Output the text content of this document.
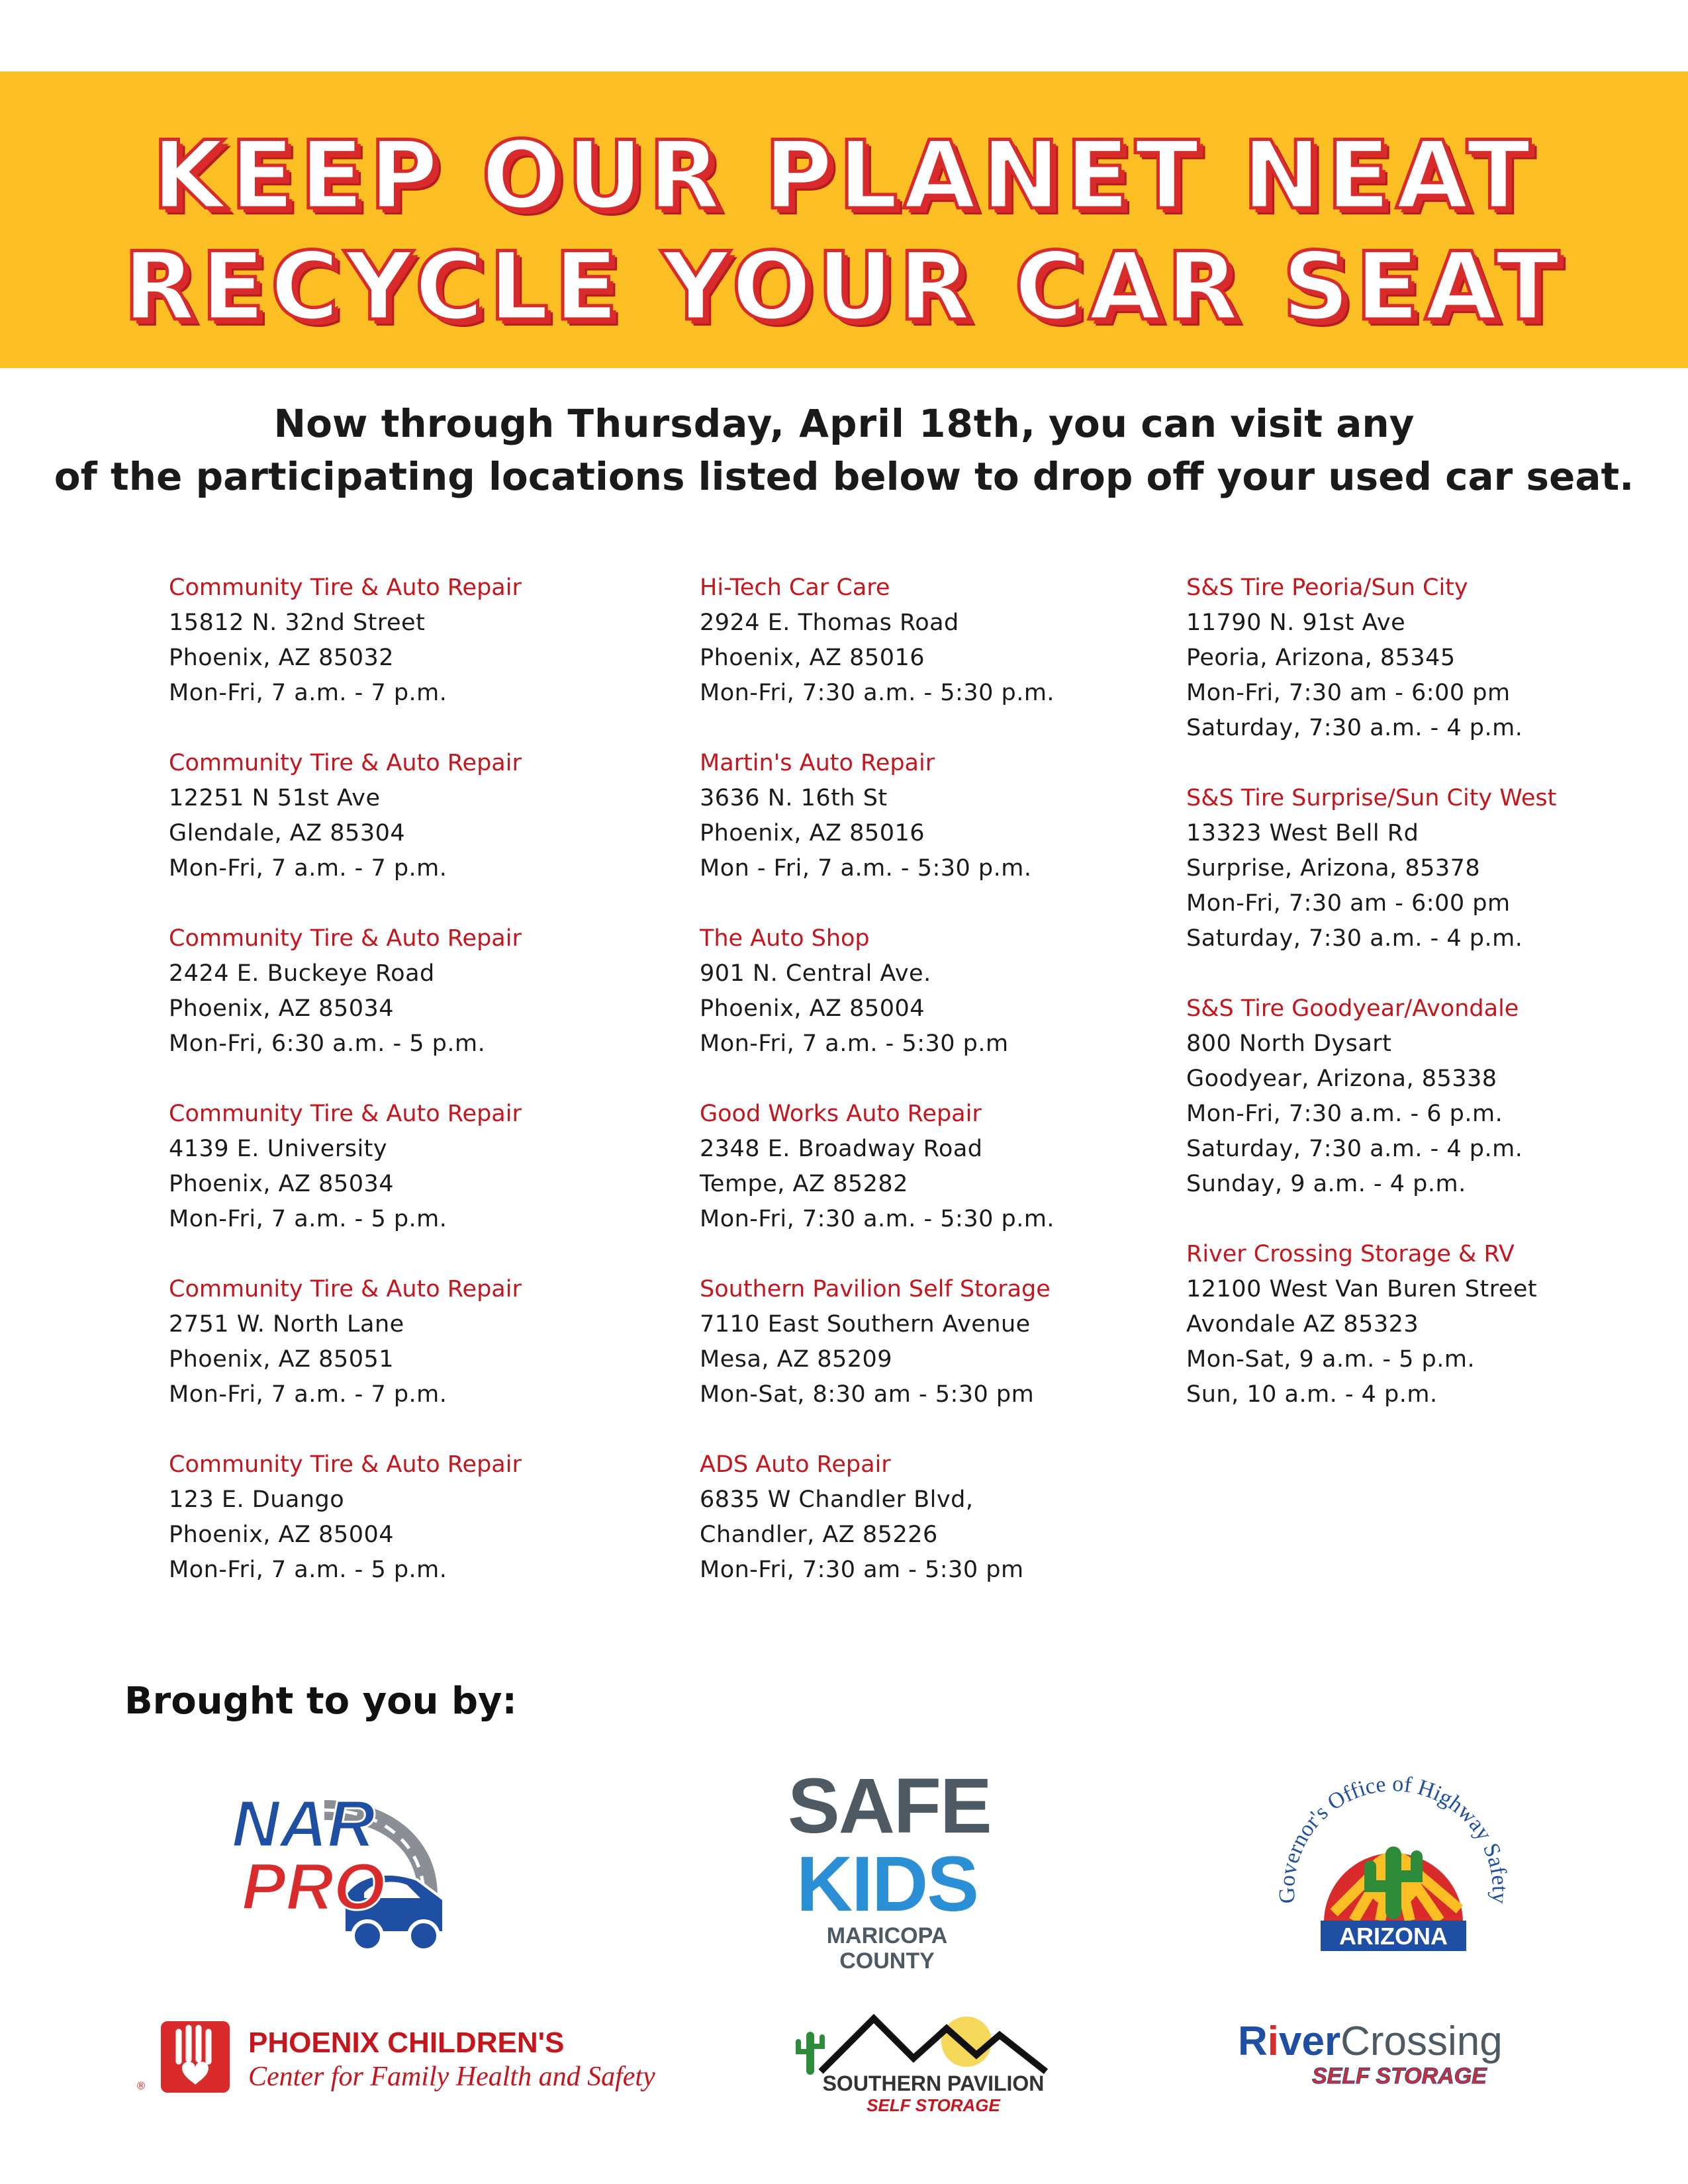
KEEP OUR PLANET NEAT
RECYCLE YOUR CAR SEAT
Now through Thursday, April 18th, you can visit any
of the participating locations listed below to drop off your used car seat.
Community Tire & Auto Repair
15812 N. 32nd Street
Phoenix, AZ 85032
Mon-Fri, 7 a.m. - 7 p.m.
Community Tire & Auto Repair
12251 N 51st Ave
Glendale, AZ 85304
Mon-Fri, 7 a.m. - 7 p.m.
Community Tire & Auto Repair
2424 E. Buckeye Road
Phoenix, AZ 85034
Mon-Fri, 6:30 a.m. - 5 p.m.
Community Tire & Auto Repair
4139 E. University
Phoenix, AZ 85034
Mon-Fri, 7 a.m. - 5 p.m.
Community Tire & Auto Repair
2751 W. North Lane
Phoenix, AZ 85051
Mon-Fri, 7 a.m. - 7 p.m.
Community Tire & Auto Repair
123 E. Duango
Phoenix, AZ 85004
Mon-Fri, 7 a.m. - 5 p.m.
Hi-Tech Car Care
2924 E. Thomas Road
Phoenix, AZ 85016
Mon-Fri, 7:30 a.m. - 5:30 p.m.
Martin's Auto Repair
3636 N. 16th St
Phoenix, AZ 85016
Mon - Fri, 7 a.m. - 5:30 p.m.
The Auto Shop
901 N. Central Ave.
Phoenix, AZ 85004
Mon-Fri, 7 a.m. - 5:30 p.m
Good Works Auto Repair
2348 E. Broadway Road
Tempe, AZ 85282
Mon-Fri, 7:30 a.m. - 5:30 p.m.
Southern Pavilion Self Storage
7110 East Southern Avenue
Mesa, AZ 85209
Mon-Sat, 8:30 am - 5:30 pm
ADS Auto Repair
6835 W Chandler Blvd,
Chandler, AZ 85226
Mon-Fri, 7:30 am - 5:30 pm
S&S Tire Peoria/Sun City
11790 N. 91st Ave
Peoria, Arizona, 85345
Mon-Fri, 7:30 am - 6:00 pm
Saturday, 7:30 a.m. - 4 p.m.
S&S Tire Surprise/Sun City West
13323 West Bell Rd
Surprise, Arizona, 85378
Mon-Fri, 7:30 am - 6:00 pm
Saturday, 7:30 a.m. - 4 p.m.
S&S Tire Goodyear/Avondale
800 North Dysart
Goodyear, Arizona, 85338
Mon-Fri, 7:30 a.m. - 6 p.m.
Saturday, 7:30 a.m. - 4 p.m.
Sunday, 9 a.m. - 4 p.m.
River Crossing Storage & RV
12100 West Van Buren Street
Avondale AZ 85323
Mon-Sat, 9 a.m. - 5 p.m.
Sun, 10 a.m. - 4 p.m.
Brought to you by:
NAR
PRO
SAFE
KIDS
MARICOPA
COUNTY
Governor's Office of Highway Safety
ARIZONA
®
PHOENIX CHILDREN'S
Center for Family Health and Safety	SOUTHERN PAVILION
SELF STORAGE
RiverCrossing
SELF STORAGE
